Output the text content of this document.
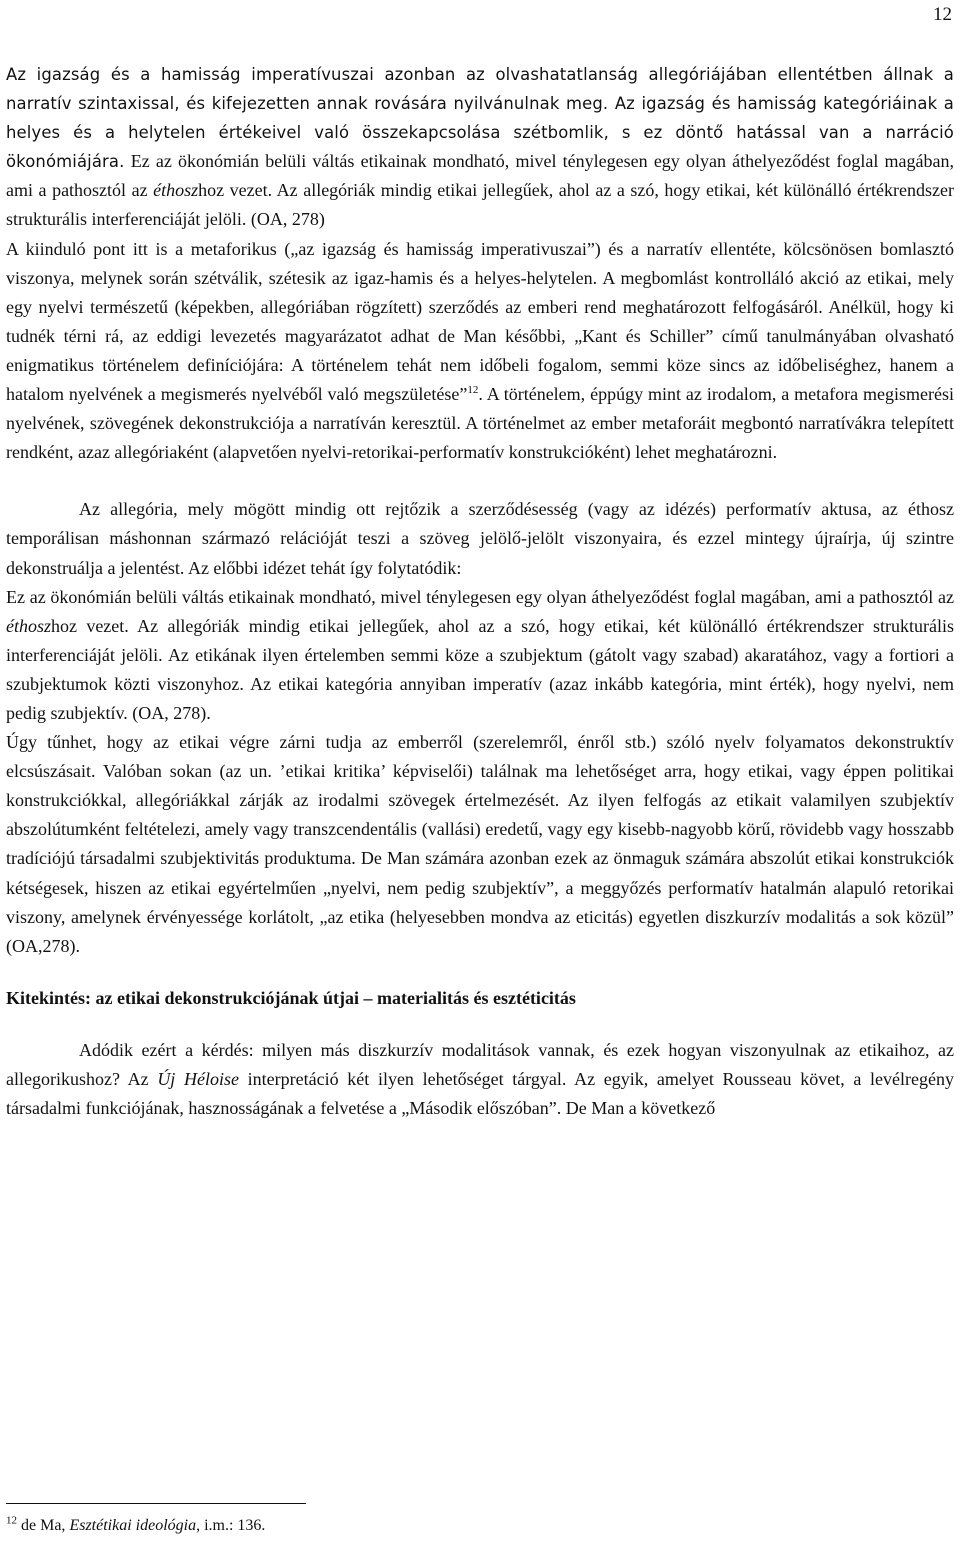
12

Az igazság és a hamisság imperatívuszai azonban az olvashatatlanság allegóriájában ellentétben állnak a narratív szintaxissal, és kifejezetten annak rovására nyilvánulnak meg. Az igazság és hamisság kategóriáinak a helyes és a helytelen értékeivel való összekapcsolása szétbomlik, s ez döntő hatással van a narráció ökonómiájára. Ez az ökonómián belüli váltás etikainak mondható, mivel ténylegesen egy olyan áthelyeződést foglal magában, ami a pathosztól az éthoszhoz vezet. Az allegóriák mindig etikai jellegűek, ahol az a szó, hogy etikai, két különálló értékrendszer strukturális interferenciáját jelöli. (OA, 278)

A kiinduló pont itt is a metaforikus („az igazság és hamisság imperativuszai”) és a narratív ellentéte, kölcsönösen bomlasztó viszonya, melynek során szétválik, szétesik az igaz-hamis és a helyes-helytelen. A megbomlást kontrolláló akció az etikai, mely egy nyelvi természetű (képekben, allegóriában rögzített) szerződés az emberi rend meghatározott felfogásáról. Anélkül, hogy ki tudnék térni rá, az eddigi levezetés magyarázatot adhat de Man későbbi, „Kant és Schiller” című tanulmányában olvasható enigmatikus történelem definíciójára: A történelem tehát nem időbeli fogalom, semmi köze sincs az időbeliséghez, hanem a hatalom nyelvének a megismerés nyelvéből való megszületése”$^{12}$. A történelem, éppúgy mint az irodalom, a metafora megismerési nyelvének, szövegének dekonstrukciója a narratíván keresztül. A történelmet az ember metaforáit megbontó narratívákra telepített rendként, azaz allegóriaként (alapvetően nyelvi-retorikai-performatív konstrukcióként) lehet meghatározni.

Az allegória, mely mögött mindig ott rejtőzik a szerződésesség (vagy az idézés) performatív aktusa, az éthosz temporálisan máshonnan származó relációját teszi a szöveg jelölő-jelölt viszonyaira, és ezzel mintegy újraírja, új szintre dekonstruálja a jelentést. Az előbbi idézet tehát így folytatódik:

Ez az ökonómián belüli váltás etikainak mondható, mivel ténylegesen egy olyan áthelyeződést foglal magában, ami a pathosztól az éthoszhoz vezet. Az allegóriák mindig etikai jellegűek, ahol az a szó, hogy etikai, két különálló értékrendszer strukturális interferenciáját jelöli. Az etikának ilyen értelemben semmi köze a szubjektum (gátolt vagy szabad) akaratához, vagy a fortiori a szubjektumok közti viszonyhoz. Az etikai kategória annyiban imperatív (azaz inkább kategória, mint érték), hogy nyelvi, nem pedig szubjektív. (OA, 278).

Úgy tűnhet, hogy az etikai végre zárni tudja az emberről (szerelemről, énről stb.) szóló nyelv folyamatos dekonstruktív elcsúszásait. Valóban sokan (az un. ’etikai kritika’ képviselői) találnak ma lehetőséget arra, hogy etikai, vagy éppen politikai konstrukciókkal, allegóriákkal zárják az irodalmi szövegek értelmezését. Az ilyen felfogás az etikait valamilyen szubjektív abszolútumként feltételezi, amely vagy transzcendentális (vallási) eredetű, vagy egy kisebb-nagyobb körű, rövidebb vagy hosszabb tradíciójú társadalmi szubjektivitás produktuma. De Man számára azonban ezek az önmaguk számára abszolút etikai konstrukciók kétségesek, hiszen az etikai egyértelműen „nyelvi, nem pedig szubjektív”, a meggyőzés performatív hatalmán alapuló retorikai viszony, amelynek érvényessége korlátolt, „az etika (helyesebben mondva az eticitás) egyetlen diszkurzív modalitás a sok közül” (OA,278).

Kitekintés: az etikai dekonstrukciójának útjai – materialitás és esztéticitás

Adódik ezért a kérdés: milyen más diszkurzív modalitások vannak, és ezek hogyan viszonyulnak az etikaihoz, az allegorikushoz? Az Új Héloise interpretáció két ilyen lehetőséget tárgyal. Az egyik, amelyet Rousseau követ, a levélregény társadalmi funkciójának, hasznosságának a felvetése a „Második előszóban”. De Man a következő

$^{12}$ de Ma, Esztétikai ideológia, i.m.: 136.
